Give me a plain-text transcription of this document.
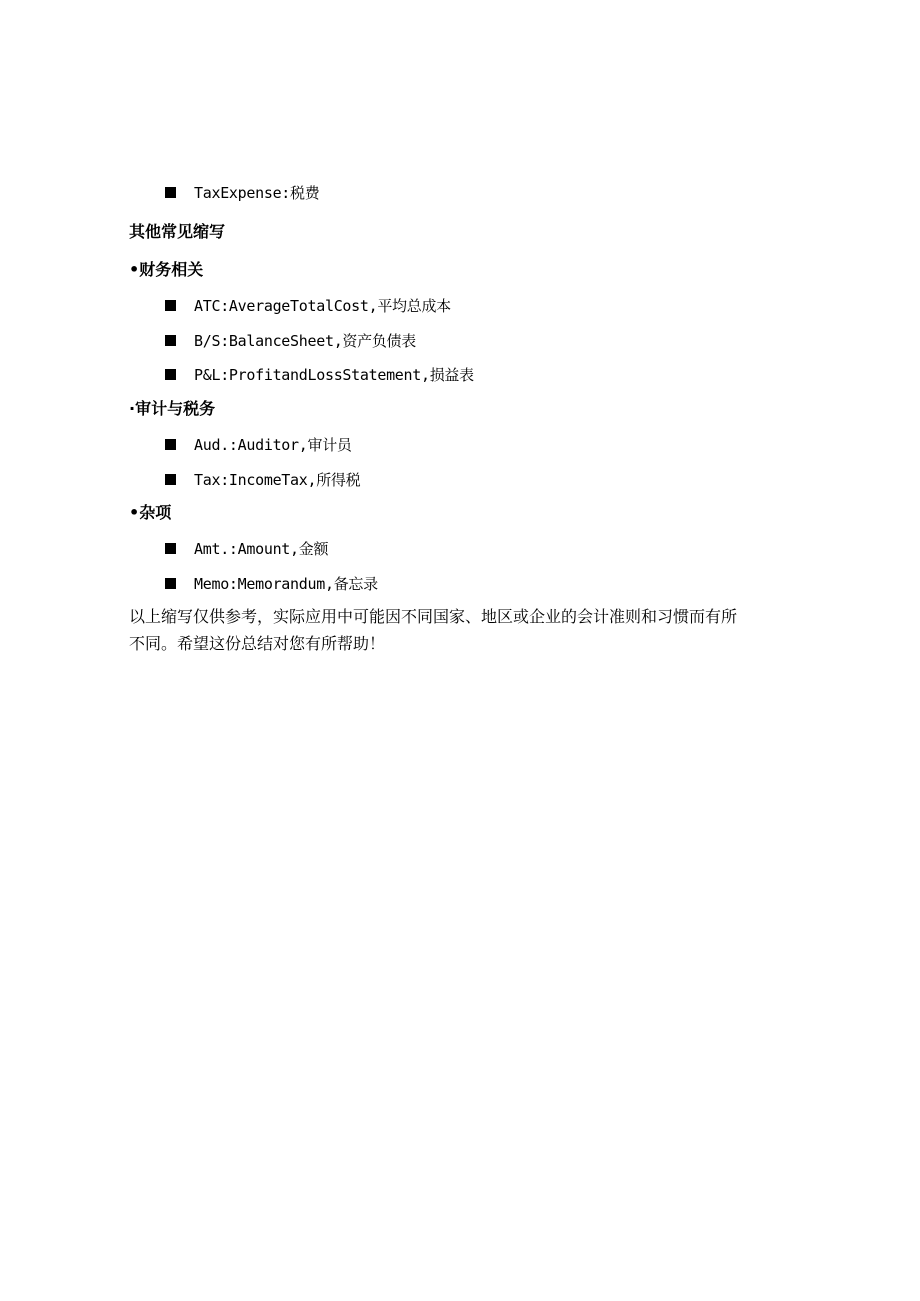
TaxExpense:税费
其他常见缩写
•财务相关
ATC:AverageTotalCost,平均总成本
B/S:BalanceSheet,资产负债表
P&L:ProfitandLossStatement,损益表
·审计与税务
Aud.:Auditor,审计员
Tax:IncomeTax,所得税
•杂项
Amt.:Amount,金额
Memo:Memorandum,备忘录
以上缩写仅供参考，实际应用中可能因不同国家、地区或企业的会计准则和习惯而有所
不同。希望这份总结对您有所帮助！
